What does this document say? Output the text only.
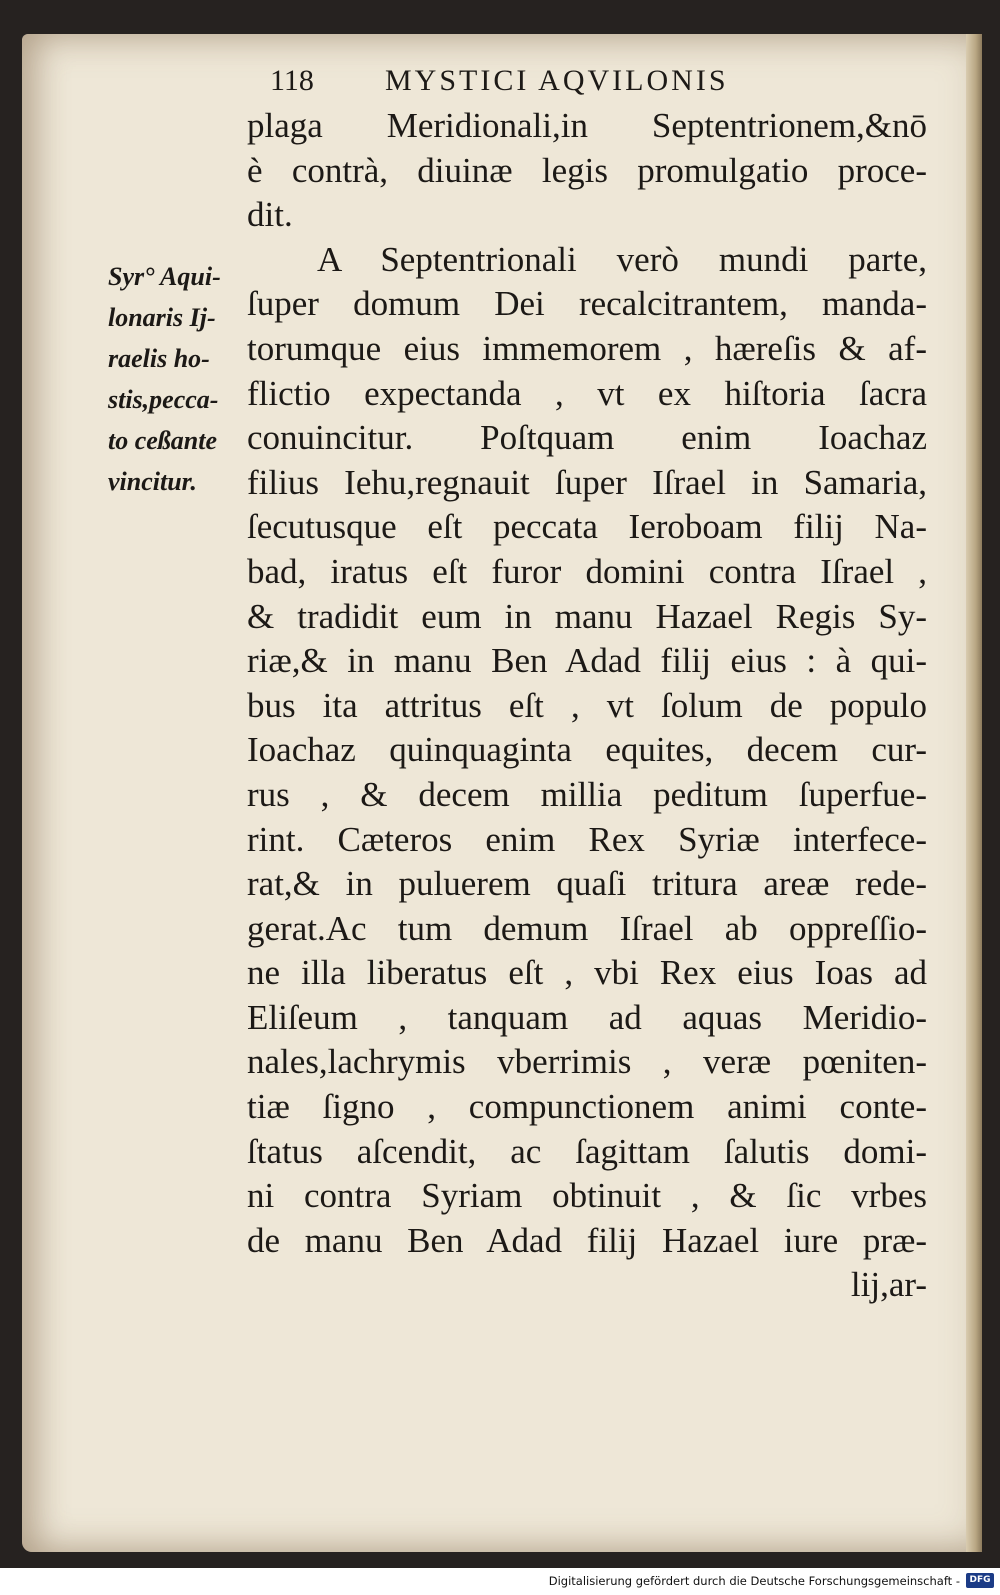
118 MYSTICI AQVILONIS
Syr° Aqui-
lonaris Ij-
raelis ho-
stis,pecca-
to ceßante
vincitur.
plaga Meridionali,in Septentrionem,&nō
è contrà, diuinæ legis promulgatio proce-
dit.
A Septentrionali verò mundi parte,
ſuper domum Dei recalcitrantem, manda-
torumque eius immemorem , hæreſis & af-
flictio expectanda , vt ex hiſtoria ſacra
conuincitur. Poſtquam enim Ioachaz
filius Iehu,regnauit ſuper Iſrael in Samaria,
ſecutusque eſt peccata Ieroboam filij Na-
bad, iratus eſt furor domini contra Iſrael ,
& tradidit eum in manu Hazael Regis Sy-
riæ,& in manu Ben Adad filij eius : à qui-
bus ita attritus eſt , vt ſolum de populo
Ioachaz quinquaginta equites, decem cur-
rus , & decem millia peditum ſuperfue-
rint. Cæteros enim Rex Syriæ interfece-
rat,& in puluerem quaſi tritura areæ rede-
gerat.Ac tum demum Iſrael ab oppreſſio-
ne illa liberatus eſt , vbi Rex eius Ioas ad
Eliſeum , tanquam ad aquas Meridio-
nales,lachrymis vberrimis , veræ pœniten-
tiæ ſigno , compunctionem animi conte-
ſtatus aſcendit, ac ſagittam ſalutis domi-
ni contra Syriam obtinuit , & ſic vrbes
de manu Ben Adad filij Hazael iure præ-
lij,ar-
Digitalisierung gefördert durch die Deutsche Forschungsgemeinschaft -	DFG
